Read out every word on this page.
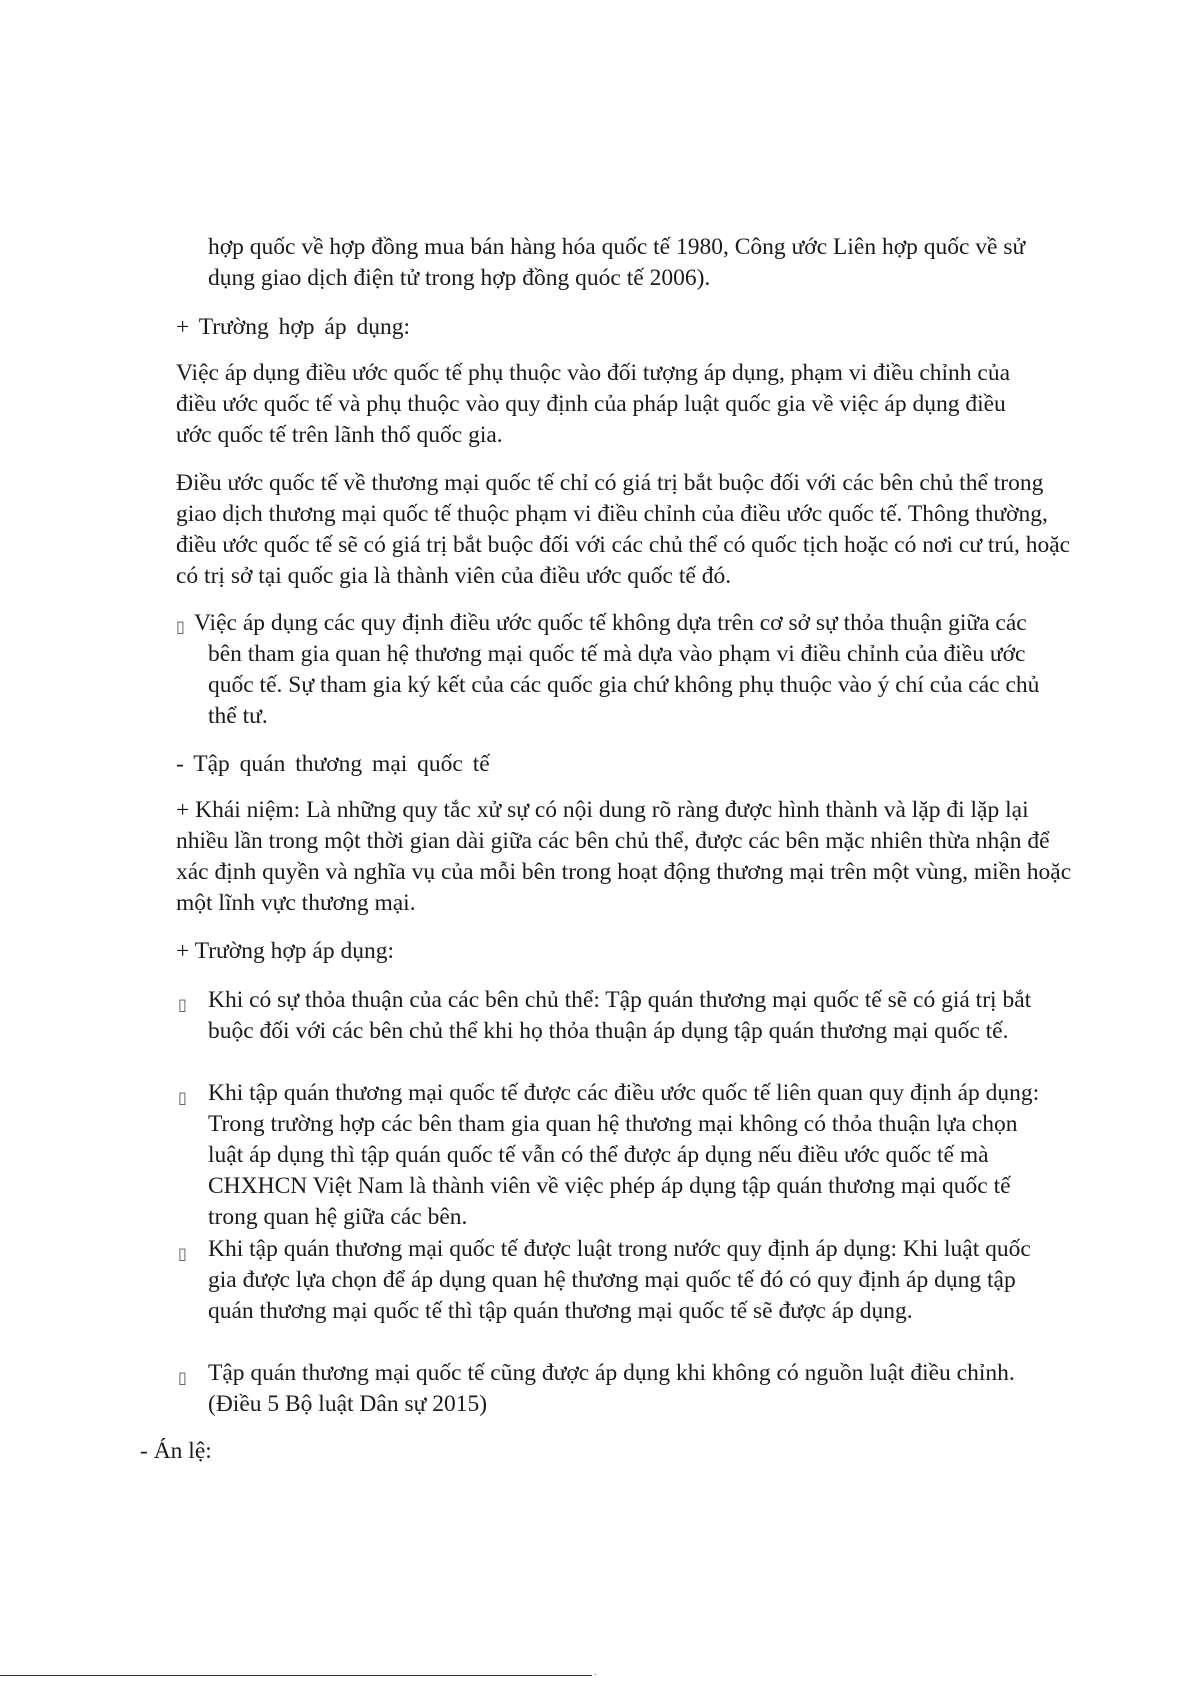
hợp quốc về hợp đồng mua bán hàng hóa quốc tế 1980, Công ước Liên hợp quốc về sử dụng giao dịch điện tử trong hợp đồng quóc tế 2006).

+ Trường hợp áp dụng:

Việc áp dụng điều ước quốc tế phụ thuộc vào đối tượng áp dụng, phạm vi điều chỉnh của điều ước quốc tế và phụ thuộc vào quy định của pháp luật quốc gia về việc áp dụng điều ước quốc tế trên lãnh thổ quốc gia.

Điều ước quốc tế về thương mại quốc tế chỉ có giá trị bắt buộc đối với các bên chủ thể trong giao dịch thương mại quốc tế thuộc phạm vi điều chỉnh của điều ước quốc tế. Thông thường, điều ước quốc tế sẽ có giá trị bắt buộc đối với các chủ thể có quốc tịch hoặc có nơi cư trú, hoặc có trị sở tại quốc gia là thành viên của điều ước quốc tế đó.

▯ Việc áp dụng các quy định điều ước quốc tế không dựa trên cơ sở sự thỏa thuận giữa các bên tham gia quan hệ thương mại quốc tế mà dựa vào phạm vi điều chỉnh của điều ước quốc tế. Sự tham gia ký kết của các quốc gia chứ không phụ thuộc vào ý chí của các chủ thể tư.

- Tập quán thương mại quốc tế

+ Khái niệm: Là những quy tắc xử sự có nội dung rõ ràng được hình thành và lặp đi lặp lại nhiều lần trong một thời gian dài giữa các bên chủ thể, được các bên mặc nhiên thừa nhận để xác định quyền và nghĩa vụ của mỗi bên trong hoạt động thương mại trên một vùng, miền hoặc một lĩnh vực thương mại.

+ Trường hợp áp dụng:

▯ Khi có sự thỏa thuận của các bên chủ thể: Tập quán thương mại quốc tế sẽ có giá trị bắt buộc đối với các bên chủ thể khi họ thỏa thuận áp dụng tập quán thương mại quốc tế.

▯ Khi tập quán thương mại quốc tế được các điều ước quốc tế liên quan quy định áp dụng: Trong trường hợp các bên tham gia quan hệ thương mại không có thỏa thuận lựa chọn luật áp dụng thì tập quán quốc tế vẫn có thể được áp dụng nếu điều ước quốc tế mà CHXHCN Việt Nam là thành viên về việc phép áp dụng tập quán thương mại quốc tế trong quan hệ giữa các bên.

▯ Khi tập quán thương mại quốc tế được luật trong nước quy định áp dụng: Khi luật quốc gia được lựa chọn để áp dụng quan hệ thương mại quốc tế đó có quy định áp dụng tập quán thương mại quốc tế thì tập quán thương mại quốc tế sẽ được áp dụng.

▯ Tập quán thương mại quốc tế cũng được áp dụng khi không có nguồn luật điều chỉnh. (Điều 5 Bộ luật Dân sự 2015)

- Án lệ:

.
